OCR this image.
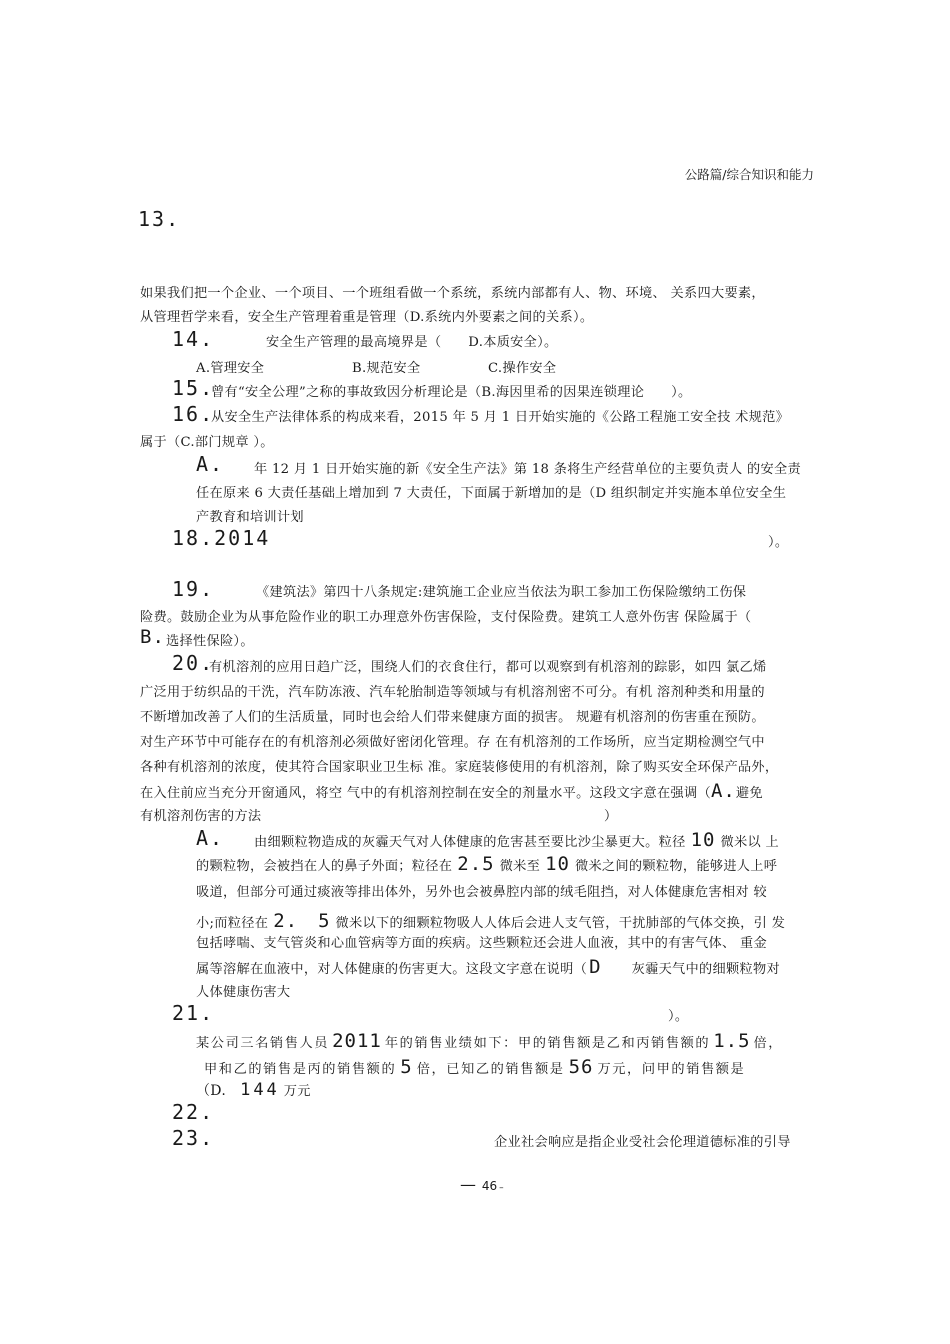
公路篇/综合知识和能力
13.
如果我们把一个企业、一个项目、一个班组看做一个系统，系统内部都有人、物、环境、 关系四大要素，
从管理哲学来看，安全生产管理着重是管理（D.系统内外要素之间的关系）。
14.	安全生产管理的最高境界是（　　D.本质安全）。
A.管理安全	B.规范安全	C.操作安全
15.
曾有“安全公理”之称的事故致因分析理论是（B.海因里希的因果连锁理论　　）。
16.
从安全生产法律体系的构成来看，2015 年 5 月 1 日开始实施的《公路工程施工安全技 术规范》
属于（C.部门规章 ）。
A. 年 12 月 1 日开始实施的新《安全生产法》第 18 条将生产经营单位的主要负责人 的安全责
任在原来 6 大责任基础上增加到 7 大责任，下面属于新增加的是（D 组织制定并实施本单位安全生
产教育和培训计划
18.2014	）。
19.	《建筑法》第四十八条规定:建筑施工企业应当依法为职工参加工伤保险缴纳工伤保
险费。鼓励企业为从事危险作业的职工办理意外伤害保险，支付保险费。建筑工人意外伤害 保险属于（
B. 选择性保险）。
20.
有机溶剂的应用日趋广泛，围绕人们的衣食住行，都可以观察到有机溶剂的踪影，如四 氯乙烯
广泛用于纺织品的干洗，汽车防冻液、汽车轮胎制造等领域与有机溶剂密不可分。有机 溶剂种类和用量的
不断增加改善了人们的生活质量，同时也会给人们带来健康方面的损害。 规避有机溶剂的伤害重在预防。
对生产环节中可能存在的有机溶剂必须做好密闭化管理。存 在有机溶剂的工作场所，应当定期检测空气中
各种有机溶剂的浓度，使其符合国家职业卫生标 准。家庭装修使用的有机溶剂，除了购买安全环保产品外，
在入住前应当充分开窗通风，将空 气中的有机溶剂控制在安全的剂量水平。这段文字意在强调（A.避免
有机溶剂伤害的方法	）
A. 由细颗粒物造成的灰霾天气对人体健康的危害甚至要比沙尘暴更大。粒径 10 微米以 上
的颗粒物，会被挡在人的鼻子外面；粒径在 2.5 微米至 10 微米之间的颗粒物，能够进人上呼
吸道，但部分可通过痰液等排出体外，另外也会被鼻腔内部的绒毛阻挡，对人体健康危害相对 较
小;而粒径在 2.　5 微米以下的细颗粒物吸人人体后会进人支气管，干扰肺部的气体交换，引 发
包括哮喘、支气管炎和心血管病等方面的疾病。这些颗粒还会进人血液，其中的有害气体、 重金
属等溶解在血液中，对人体健康的伤害更大。这段文字意在说明（ D 灰霾天气中的细颗粒物对
人体健康伤害大
21.	）。
某公司三名销售人员 2011 年的销售业绩如下：甲的销售额是乙和丙销售额的 1.5 倍，
甲和乙的销售是丙的销售额的 5 倍，已知乙的销售额是 56 万元，问甲的销售额是
（D. 144 万元
22.
23.	企业社会响应是指企业受社会伦理道德标准的引导
— 46 –
